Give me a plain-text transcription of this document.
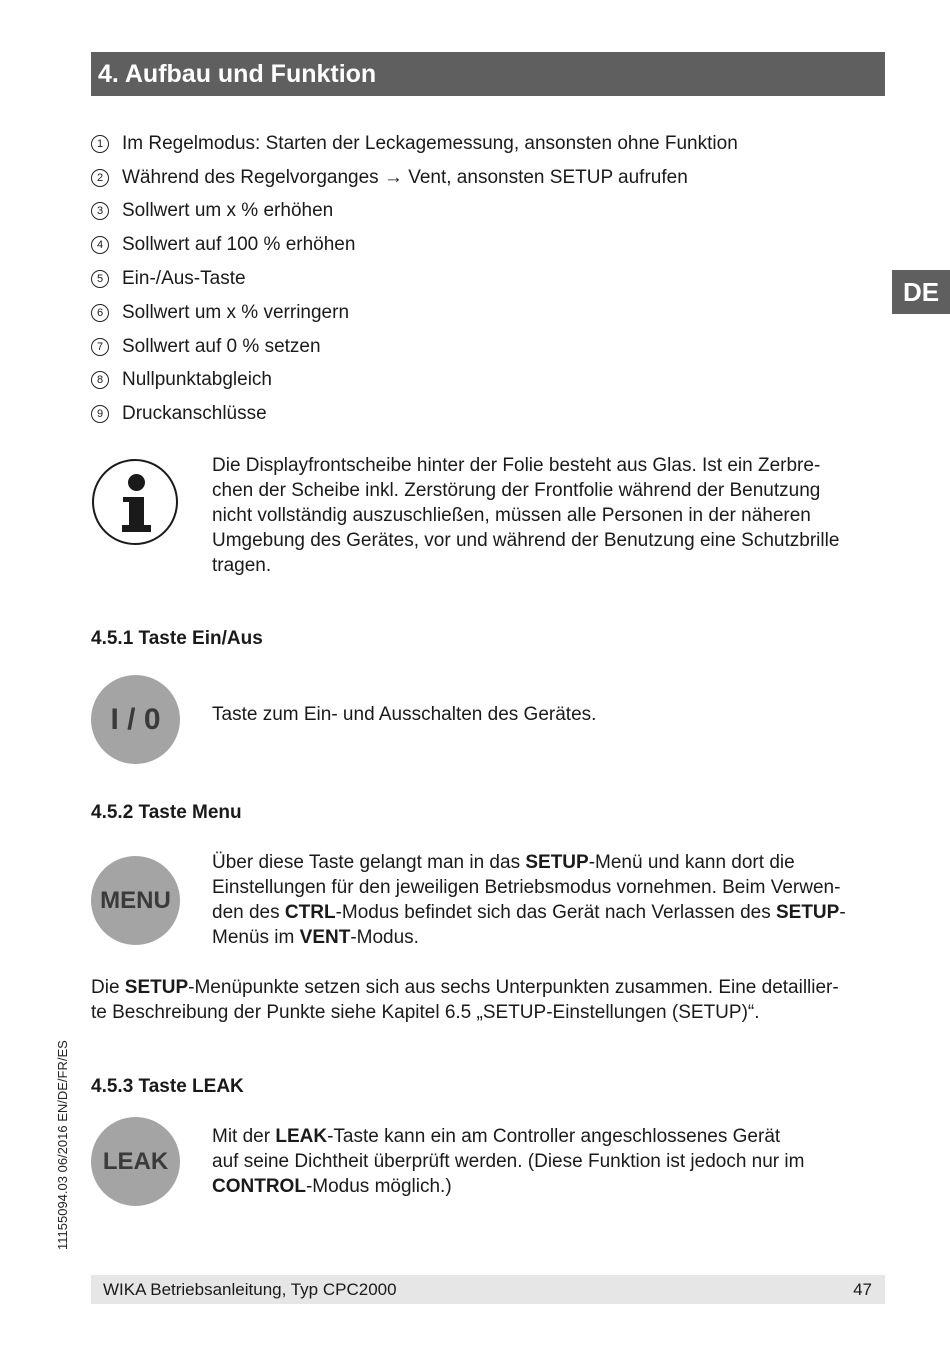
4. Aufbau und Funktion
DE
11155094.03 06/2016 EN/DE/FR/ES
1 Im Regelmodus: Starten der Leckagemessung, ansonsten ohne Funktion
2 Während des Regelvorganges → Vent, ansonsten SETUP aufrufen
3 Sollwert um x % erhöhen
4 Sollwert auf 100 % erhöhen
5 Ein-/Aus-Taste
6 Sollwert um x % verringern
7 Sollwert auf 0 % setzen
8 Nullpunktabgleich
9 Druckanschlüsse

Die Displayfrontscheibe hinter der Folie besteht aus Glas. Ist ein Zerbre-
chen der Scheibe inkl. Zerstörung der Frontfolie während der Benutzung
nicht vollständig auszuschließen, müssen alle Personen in der näheren
Umgebung des Gerätes, vor und während der Benutzung eine Schutzbrille
tragen.

4.5.1 Taste Ein/Aus
I / 0	Taste zum Ein- und Ausschalten des Gerätes.

4.5.2 Taste Menu
MENU

Über diese Taste gelangt man in das SETUP-Menü und kann dort die
Einstellungen für den jeweiligen Betriebsmodus vornehmen. Beim Verwen-
den des CTRL-Modus befindet sich das Gerät nach Verlassen des SETUP-
Menüs im VENT-Modus.

Die SETUP-Menüpunkte setzen sich aus sechs Unterpunkten zusammen. Eine detaillier-
te Beschreibung der Punkte siehe Kapitel 6.5 „SETUP-Einstellungen (SETUP)“.

4.5.3 Taste LEAK
LEAK

Mit der LEAK-Taste kann ein am Controller angeschlossenes Gerät
auf seine Dichtheit überprüft werden. (Diese Funktion ist jedoch nur im
CONTROL-Modus möglich.)

WIKA Betriebsanleitung, Typ CPC2000	47
